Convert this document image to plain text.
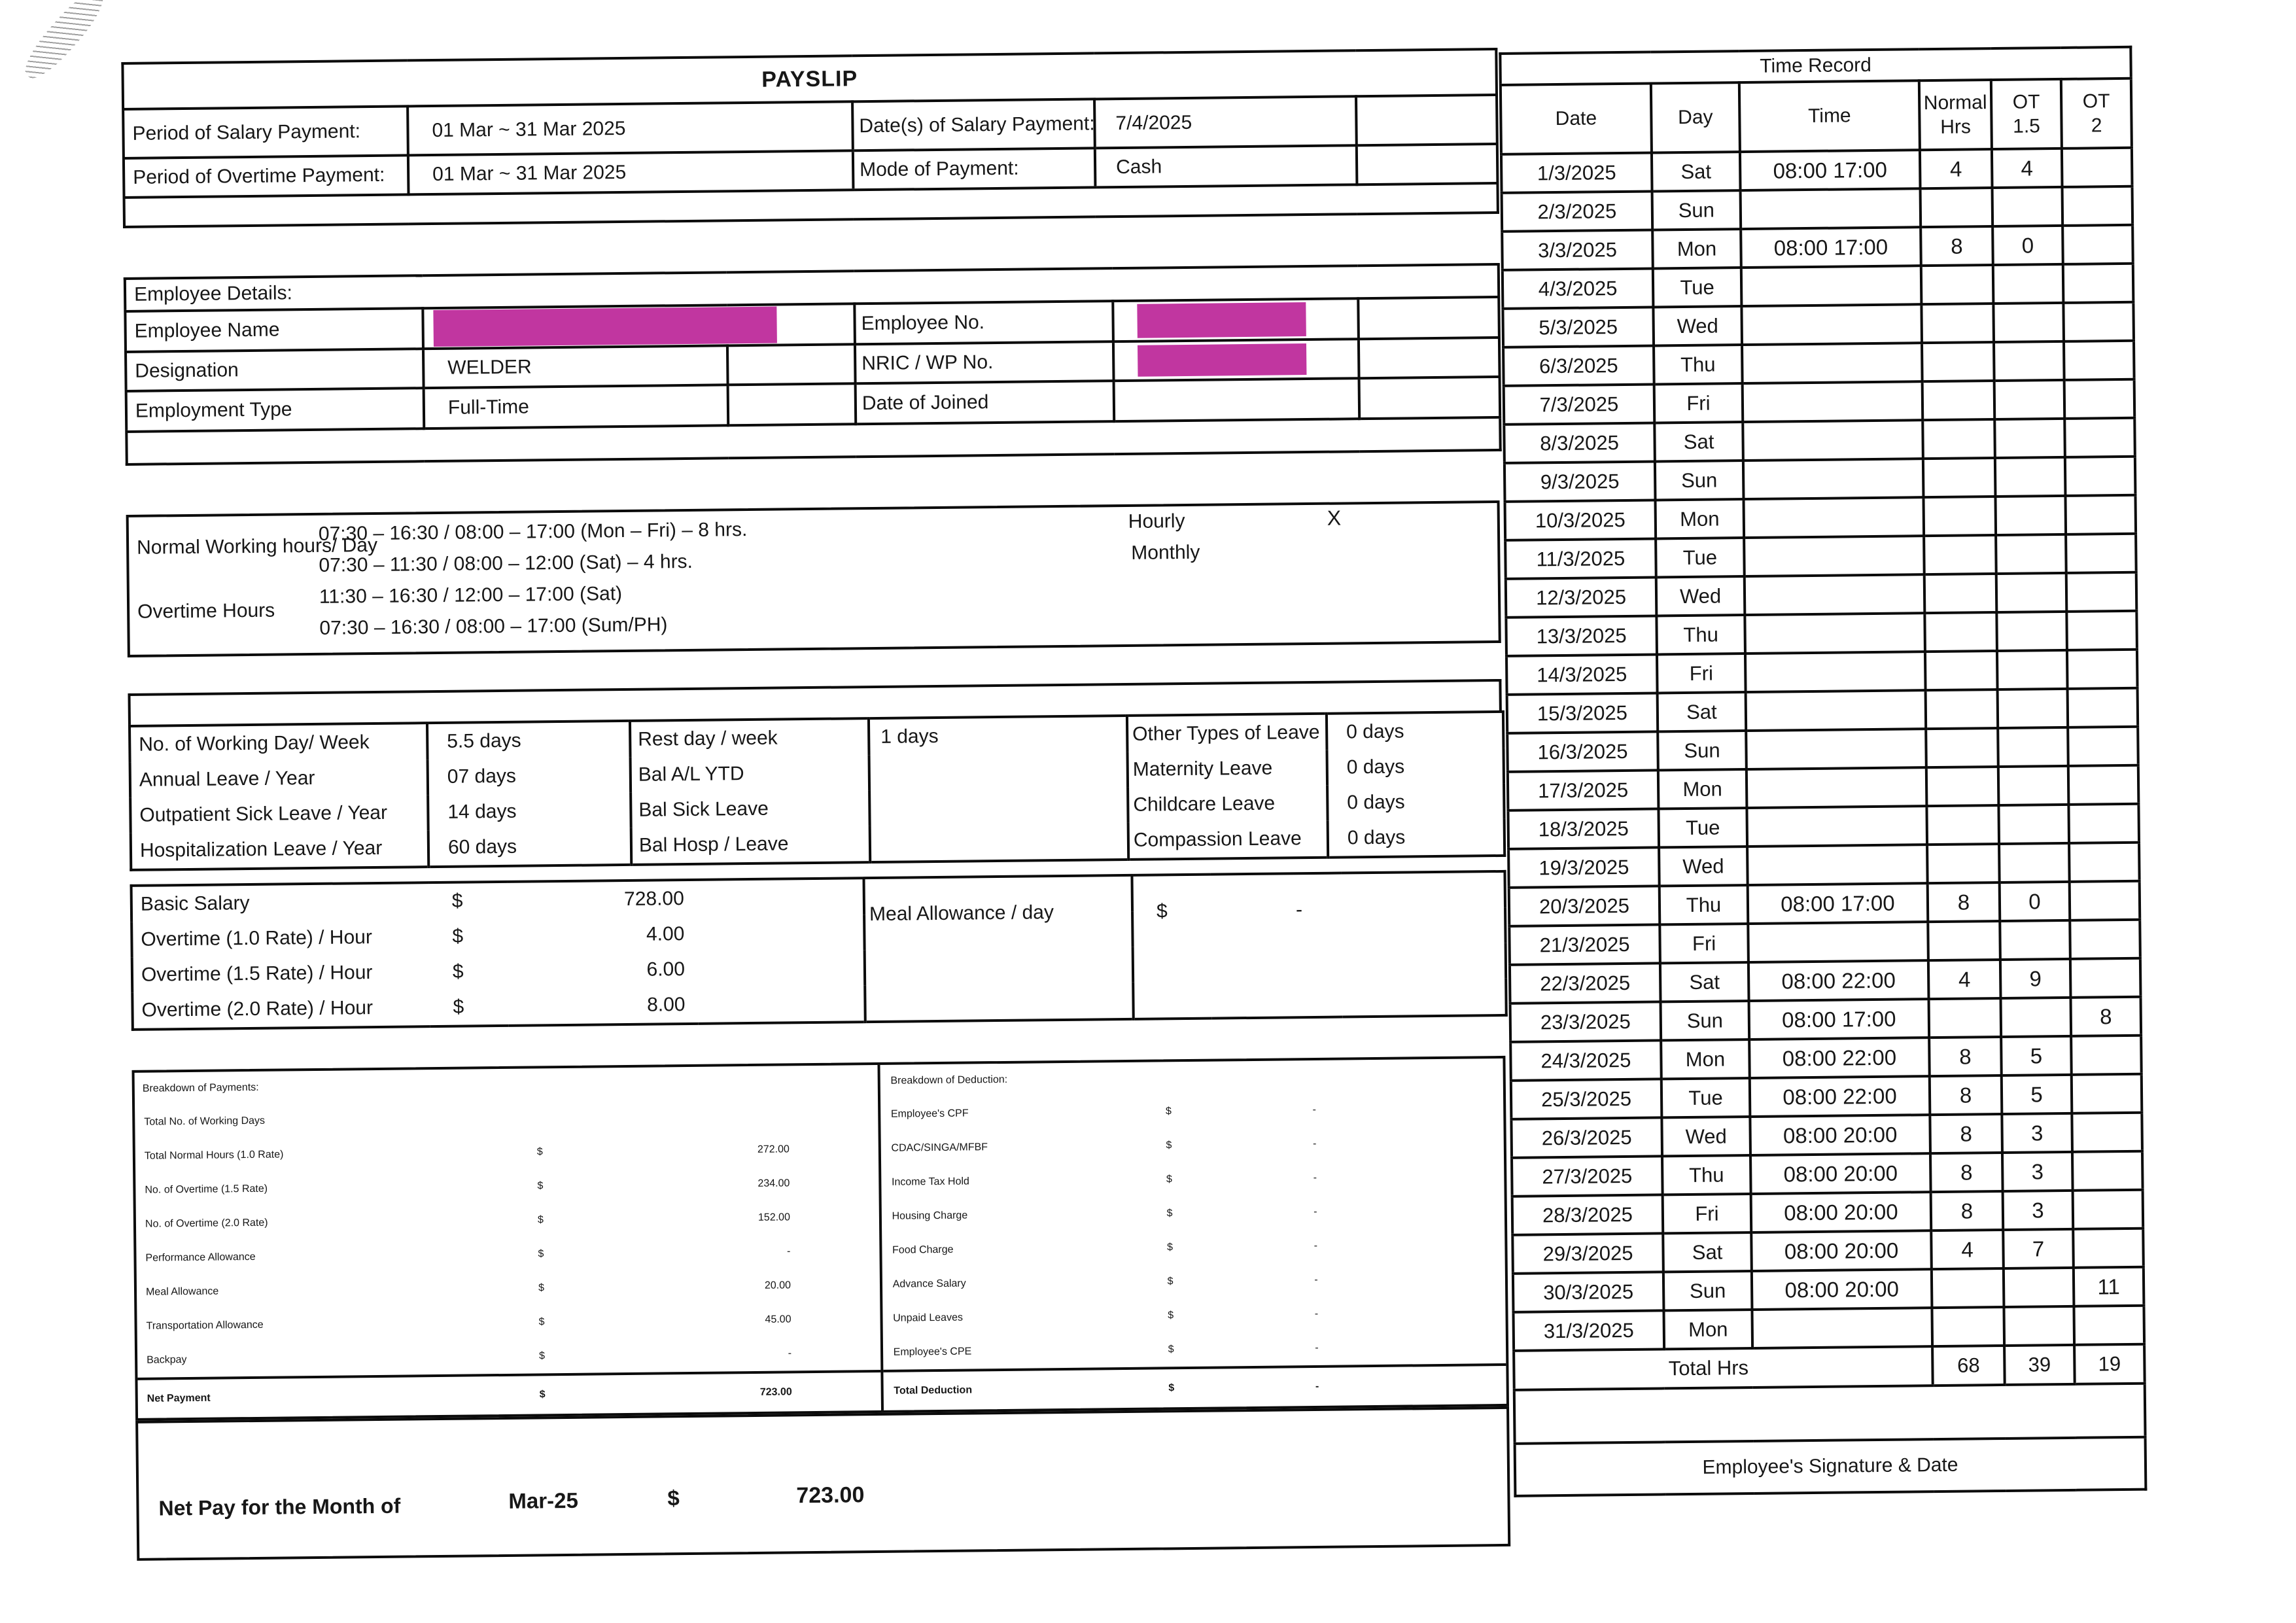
PAYSLIP				
Period of Salary Payment:	01 Mar ~ 31 Mar 2025	Date(s) of Salary Payment:	7/4/2025	
Period of Overtime Payment:	01 Mar ~ 31 Mar 2025	Mode of Payment:	Cash	

Employee Details:					
Employee Name			Employee No.	

Designation	WELDER		NRIC / WP No.	

Employment Type	Full-Time		Date of Joined		

Normal Working hours/ Day
07:30 – 16:30 / 08:00 – 17:00 (Mon – Fri) – 8 hrs.
07:30 – 11:30 / 08:00 – 12:00 (Sat) – 4 hrs.
Overtime Hours
11:30 – 16:30 / 12:00 – 17:00 (Sat)
07:30 – 16:30 / 08:00 – 17:00 (Sum/PH)
Hourly	X
Monthly
No. of Working Day/ Week	5.5 days	Rest day / week	1 days	Other Types of Leave	0 days
Annual Leave / Year	07 days	Bal A/L YTD		Maternity Leave	0 days
Outpatient Sick Leave / Year	14 days	Bal Sick Leave		Childcare Leave	0 days
Hospitalization Leave / Year	60 days	Bal Hosp / Leave		Compassion Leave	0 days
Basic Salary	$	728.00		Meal Allowance / day	$	-	
Overtime (1.0 Rate) / Hour	$	4.00					
Overtime (1.5 Rate) / Hour	$	6.00					
Overtime (2.0 Rate) / Hour	$	8.00					
Breakdown of Payments:
Total No. of Working Days
Total Normal Hours (1.0 Rate)	$	272.00
No. of Overtime (1.5 Rate)	$	234.00
No. of Overtime (2.0 Rate)	$	152.00
Performance Allowance	$	-
Meal Allowance	$	20.00
Transportation Allowance	$	45.00
Backpay	$	-
Net Payment	$	723.00
Breakdown of Deduction:
Employee's CPF	$	-
CDAC/SINGA/MFBF	$	-
Income Tax Hold	$	-
Housing Charge	$	-
Food Charge	$	-
Advance Salary	$	-
Unpaid Leaves	$	-
Employee's CPE	$	-
Total Deduction	$	-
Net Pay for the Month of	Mar-25	$	723.00
Time Record					
Date	Day	Time	Normal Hrs	OT 1.5	OT 2
1/3/2025	Sat	08:00 17:00	4	4	
2/3/2025	Sun				
3/3/2025	Mon	08:00 17:00	8	0	
4/3/2025	Tue				
5/3/2025	Wed				
6/3/2025	Thu				
7/3/2025	Fri				
8/3/2025	Sat				
9/3/2025	Sun				
10/3/2025	Mon				
11/3/2025	Tue				
12/3/2025	Wed				
13/3/2025	Thu				
14/3/2025	Fri				
15/3/2025	Sat				
16/3/2025	Sun				
17/3/2025	Mon				
18/3/2025	Tue				
19/3/2025	Wed				
20/3/2025	Thu	08:00 17:00	8	0	
21/3/2025	Fri				
22/3/2025	Sat	08:00 22:00	4	9	
23/3/2025	Sun	08:00 17:00			8
24/3/2025	Mon	08:00 22:00	8	5	
25/3/2025	Tue	08:00 22:00	8	5	
26/3/2025	Wed	08:00 20:00	8	3	
27/3/2025	Thu	08:00 20:00	8	3	
28/3/2025	Fri	08:00 20:00	8	3	
29/3/2025	Sat	08:00 20:00	4	7	
30/3/2025	Sun	08:00 20:00			11
31/3/2025	Mon				
Total Hrs			68	39	19

Employee's Signature & Date					
